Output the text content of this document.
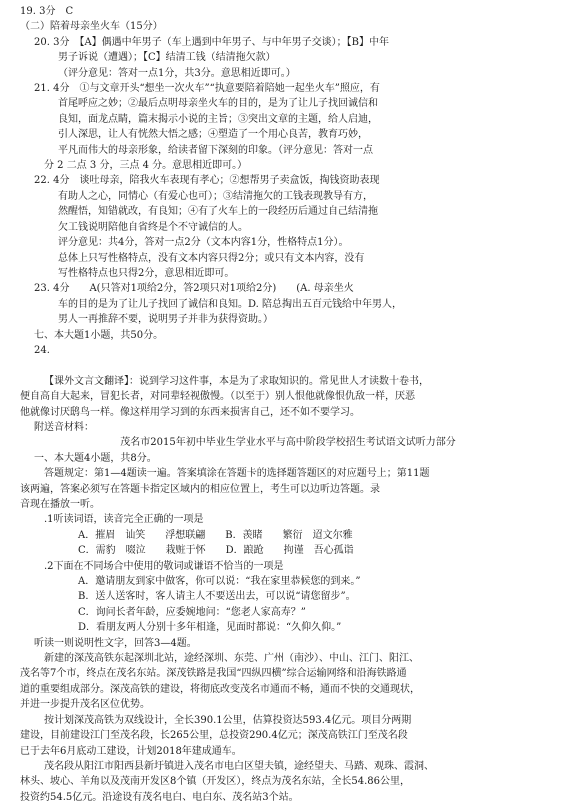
19. 3分　C
（二）陪着母亲坐火车（15分）
20. 3分　【A】偶遇中年男子（车上遇到中年男子、与中年男子交谈）；【B】中年
男子诉说（遭遇）；【C】结清工钱（结清拖欠款）
（评分意见：答对一点1分，共3分。意思相近即可。）
21. 4分　①与文章开头“想坐一次火车”“执意要陪着陪她一起坐火车”照应，有
首尾呼应之妙；②最后点明母亲坐火车的目的，是为了让儿子找回诚信和
良知，面龙点睛，篇末揭示小说的主旨；③突出文章的主题，给人启迪，
引人深思，让人有恍然大悟之感；④塑造了一个用心良苦，教育巧妙，
平凡而伟大的母亲形象，给读者留下深刻的印象。（评分意见：答对一点
分 2 二点 3 分，三点 4 分。意思相近即可。）
22. 4分　谈吐母亲，陪我火车表现有孝心；②想帮男子卖盒饭，掏钱资助表现
有助人之心，同情心（有爱心也可）；③结清拖欠的工钱表现教导有方，
然醒悟，知错就改，有良知；④有了火车上的一段经历后通过自己结清拖
欠工钱说明陪他自省终是个不守诚信的人。
评分意见：共4分，答对一点2分（文本内容1分，性格特点1分）。
总体上只写性格特点，没有文本内容只得2分；或只有文本内容，没有
写性格特点也只得2分，意思相近即可。
23. 4分　　A(只答对1项给2分，答2项只对1项给2分)　　(A. 母亲坐火
车的目的是为了让儿子找回了诚信和良知。D. 陪总掏出五百元钱给中年男人，
男人一再推辞不要，说明男子并非为获得资助。）
七、本大题1小题，共50分。
24.

【课外文言文翻译】：说到学习这件事，本是为了求取知识的。常见世人才读数十卷书，
便自高自大起来，冒犯长者，对同辈轻视傲慢。（以至于）别人恨他就像恨仇敌一样，厌恶
他就像讨厌鸱鸟一样。像这样用学习到的东西来损害自己，还不如不要学习。
附送音材料：
茂名市2015年初中毕业生学业水平与高中阶段学校招生考试语文试听力部分
一、本大题4小题，共8分。
答题规定：第1—4题读一遍。答案填涂在答题卡的选择题答题区的对应题号上；第11题
该两遍，答案必须写在答题卡指定区域内的相应位置上，考生可以边听边答题。录
音现在播放一听。
　.1听读词语，读音完全正确的一项是
A．摧眉　讪笑　　浮想联翩　　B．羡睹　　繁衍　迢文尔雅
C．需豹　啜泣　　栽赃于怀　　D．踉跄　　拘谨　吾心孤诣
　.2下面在不同场合中使用的敬词或谦语不恰当的一项是
A．邀请朋友到家中做客，你可以说：“我在家里恭候您的到来。”
B．送人送客时，客人请主人不要送出去，可以说“请您留步”。
C．询问长者年龄，应委婉地问：“您老人家高寿？”
D．看朋友两人分别十多年相逢，见面时都说：“久仰久仰。”
听读一则说明性文字，回答3—4题。
新建的深茂高铁东起深圳北站，途经深圳、东莞、广州（南沙）、中山、江门、阳江、
茂名等7个市，终点在茂名东站。深茂铁路是我国“四纵四横”综合运输网络和沿海铁路通
道的重要组成部分。深茂高铁的建设，将彻底改变茂名市通而不畅，通而不快的交通现状，
并进一步提升茂名区位优势。
按计划深茂高铁为双线设计，全长390.1公里，估算投资达593.4亿元。项目分两期
建设，目前建设江门至茂名段，长265公里，总投资290.4亿元；深茂高铁江门至茂名段
已于去年6月底动工建设，计划2018年建成通车。
茂名段从阳江市阳西县新圩镇进入茂名市电白区望夫镇，途经望夫、马踏、观珠、霞洞、
林头、坡心、羊角以及茂南开发区8个镇（开发区），终点为茂名东站，全长54.86公里，
投资约54.5亿元。沿途设有茂名电白、电白东、茂名站3个站。
